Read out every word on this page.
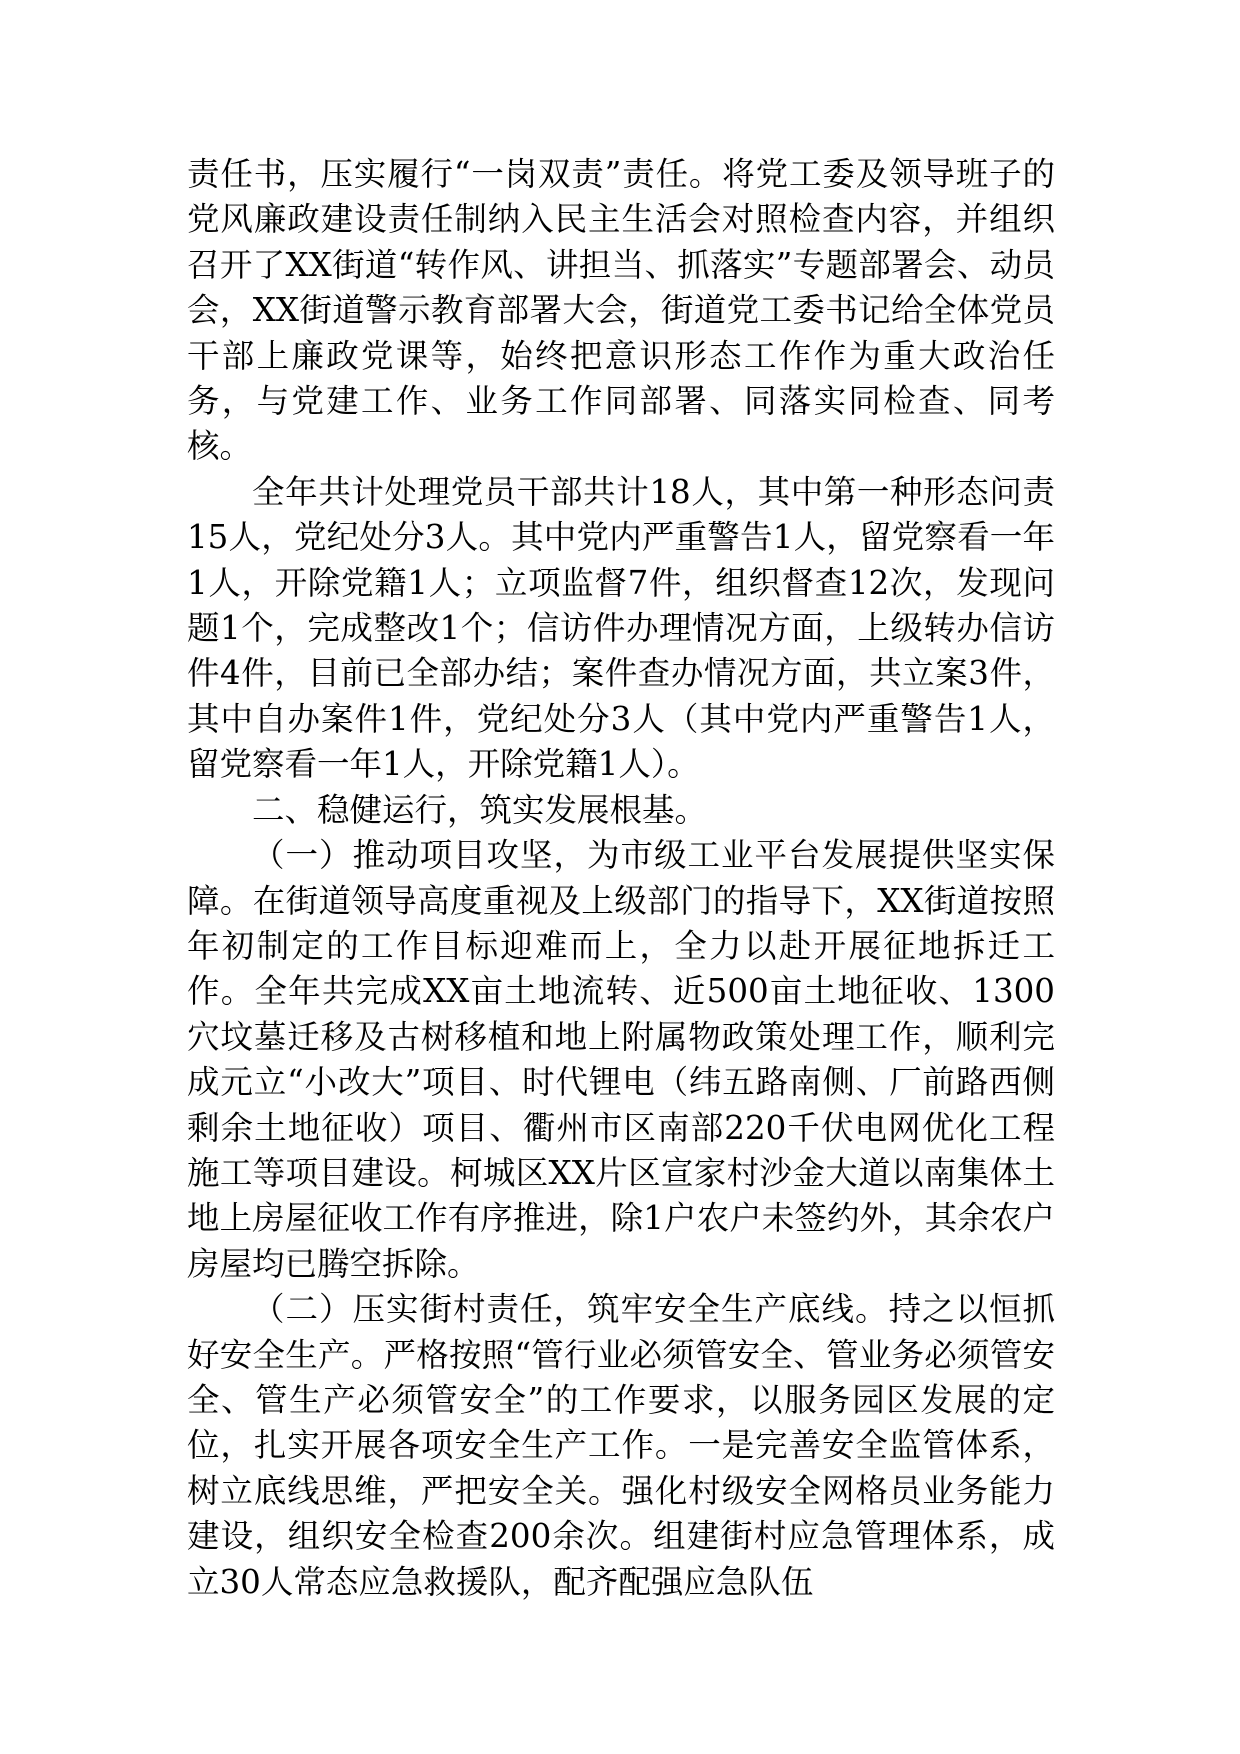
责任书，压实履行“一岗双责”责任。将党工委及领导班子的党风廉政建设责任制纳入民主生活会对照检查内容，并组织召开了XX街道“转作风、讲担当、抓落实”专题部署会、动员会，XX街道警示教育部署大会，街道党工委书记给全体党员干部上廉政党课等，始终把意识形态工作作为重大政治任务，与党建工作、业务工作同部署、同落实同检查、同考核。

全年共计处理党员干部共计18人，其中第一种形态问责15人，党纪处分3人。其中党内严重警告1人，留党察看一年1人，开除党籍1人；立项监督7件，组织督查12次，发现问题1个，完成整改1个；信访件办理情况方面，上级转办信访件4件，目前已全部办结；案件查办情况方面，共立案3件，其中自办案件1件，党纪处分3人（其中党内严重警告1人，留党察看一年1人，开除党籍1人）。

二、稳健运行，筑实发展根基。

（一）推动项目攻坚，为市级工业平台发展提供坚实保障。在街道领导高度重视及上级部门的指导下，XX街道按照年初制定的工作目标迎难而上，全力以赴开展征地拆迁工作。全年共完成XX亩土地流转、近500亩土地征收、1300穴坟墓迁移及古树移植和地上附属物政策处理工作，顺利完成元立“小改大”项目、时代锂电（纬五路南侧、厂前路西侧剩余土地征收）项目、衢州市区南部220千伏电网优化工程施工等项目建设。柯城区XX片区宣家村沙金大道以南集体土地上房屋征收工作有序推进，除1户农户未签约外，其余农户房屋均已腾空拆除。

（二）压实街村责任，筑牢安全生产底线。持之以恒抓好安全生产。严格按照“管行业必须管安全、管业务必须管安全、管生产必须管安全”的工作要求，以服务园区发展的定位，扎实开展各项安全生产工作。一是完善安全监管体系，树立底线思维，严把安全关。强化村级安全网格员业务能力建设，组织安全检查200余次。组建街村应急管理体系，成立30人常态应急救援队，配齐配强应急队伍
